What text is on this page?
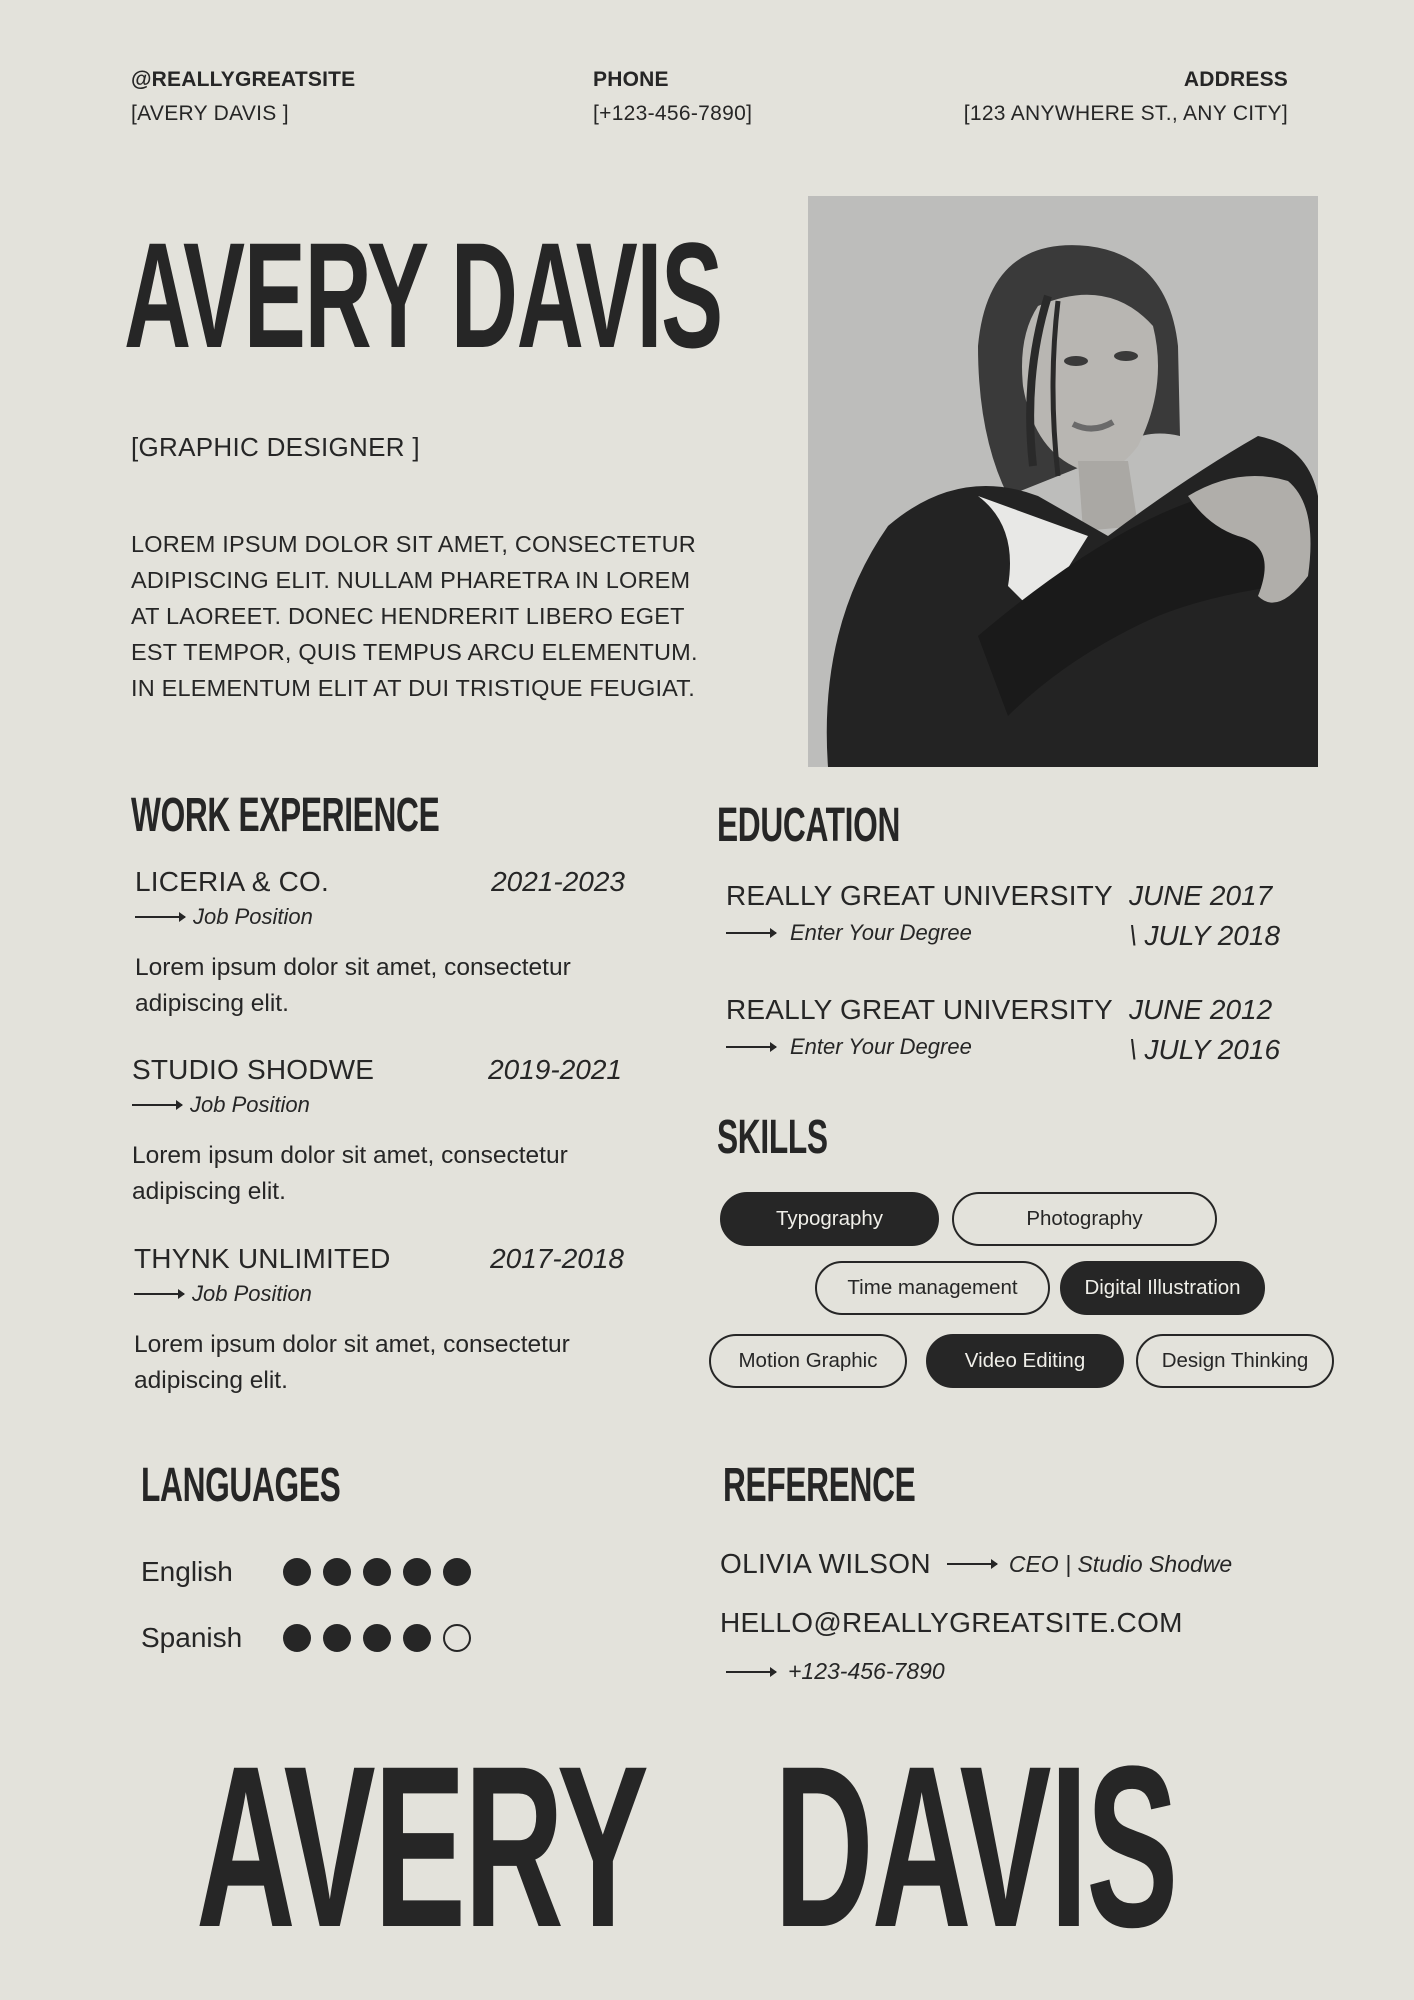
@REALLYGREATSITE
[AVERY DAVIS ]
PHONE
[+123-456-7890]
ADDRESS
[123 ANYWHERE ST., ANY CITY]
AVERY DAVIS
[GRAPHIC DESIGNER ]
LOREM IPSUM DOLOR SIT AMET, CONSECTETUR
ADIPISCING ELIT. NULLAM PHARETRA IN LOREM
AT LAOREET. DONEC HENDRERIT LIBERO EGET
EST TEMPOR, QUIS TEMPUS ARCU ELEMENTUM.
IN ELEMENTUM ELIT AT DUI TRISTIQUE FEUGIAT.
WORK EXPERIENCE
LICERIA & CO.	2021-2023
Job Position
Lorem ipsum dolor sit amet, consectetur
adipiscing elit.
STUDIO SHODWE	2019-2021
Job Position
Lorem ipsum dolor sit amet, consectetur
adipiscing elit.
THYNK UNLIMITED	2017-2018
Job Position
Lorem ipsum dolor sit amet, consectetur
adipiscing elit.
EDUCATION
REALLY GREAT UNIVERSITY
Enter Your Degree
JUNE 2017
\ JULY 2018
REALLY GREAT UNIVERSITY
Enter Your Degree
JUNE 2012
\ JULY 2016
SKILLS
Typography	Photography
Time management	Digital Illustration
Motion Graphic	Video Editing	Design Thinking
LANGUAGES
English
Spanish
REFERENCE
OLIVIA WILSON	CEO | Studio Shodwe
HELLO@REALLYGREATSITE.COM
+123-456-7890
AVERY DAVIS
